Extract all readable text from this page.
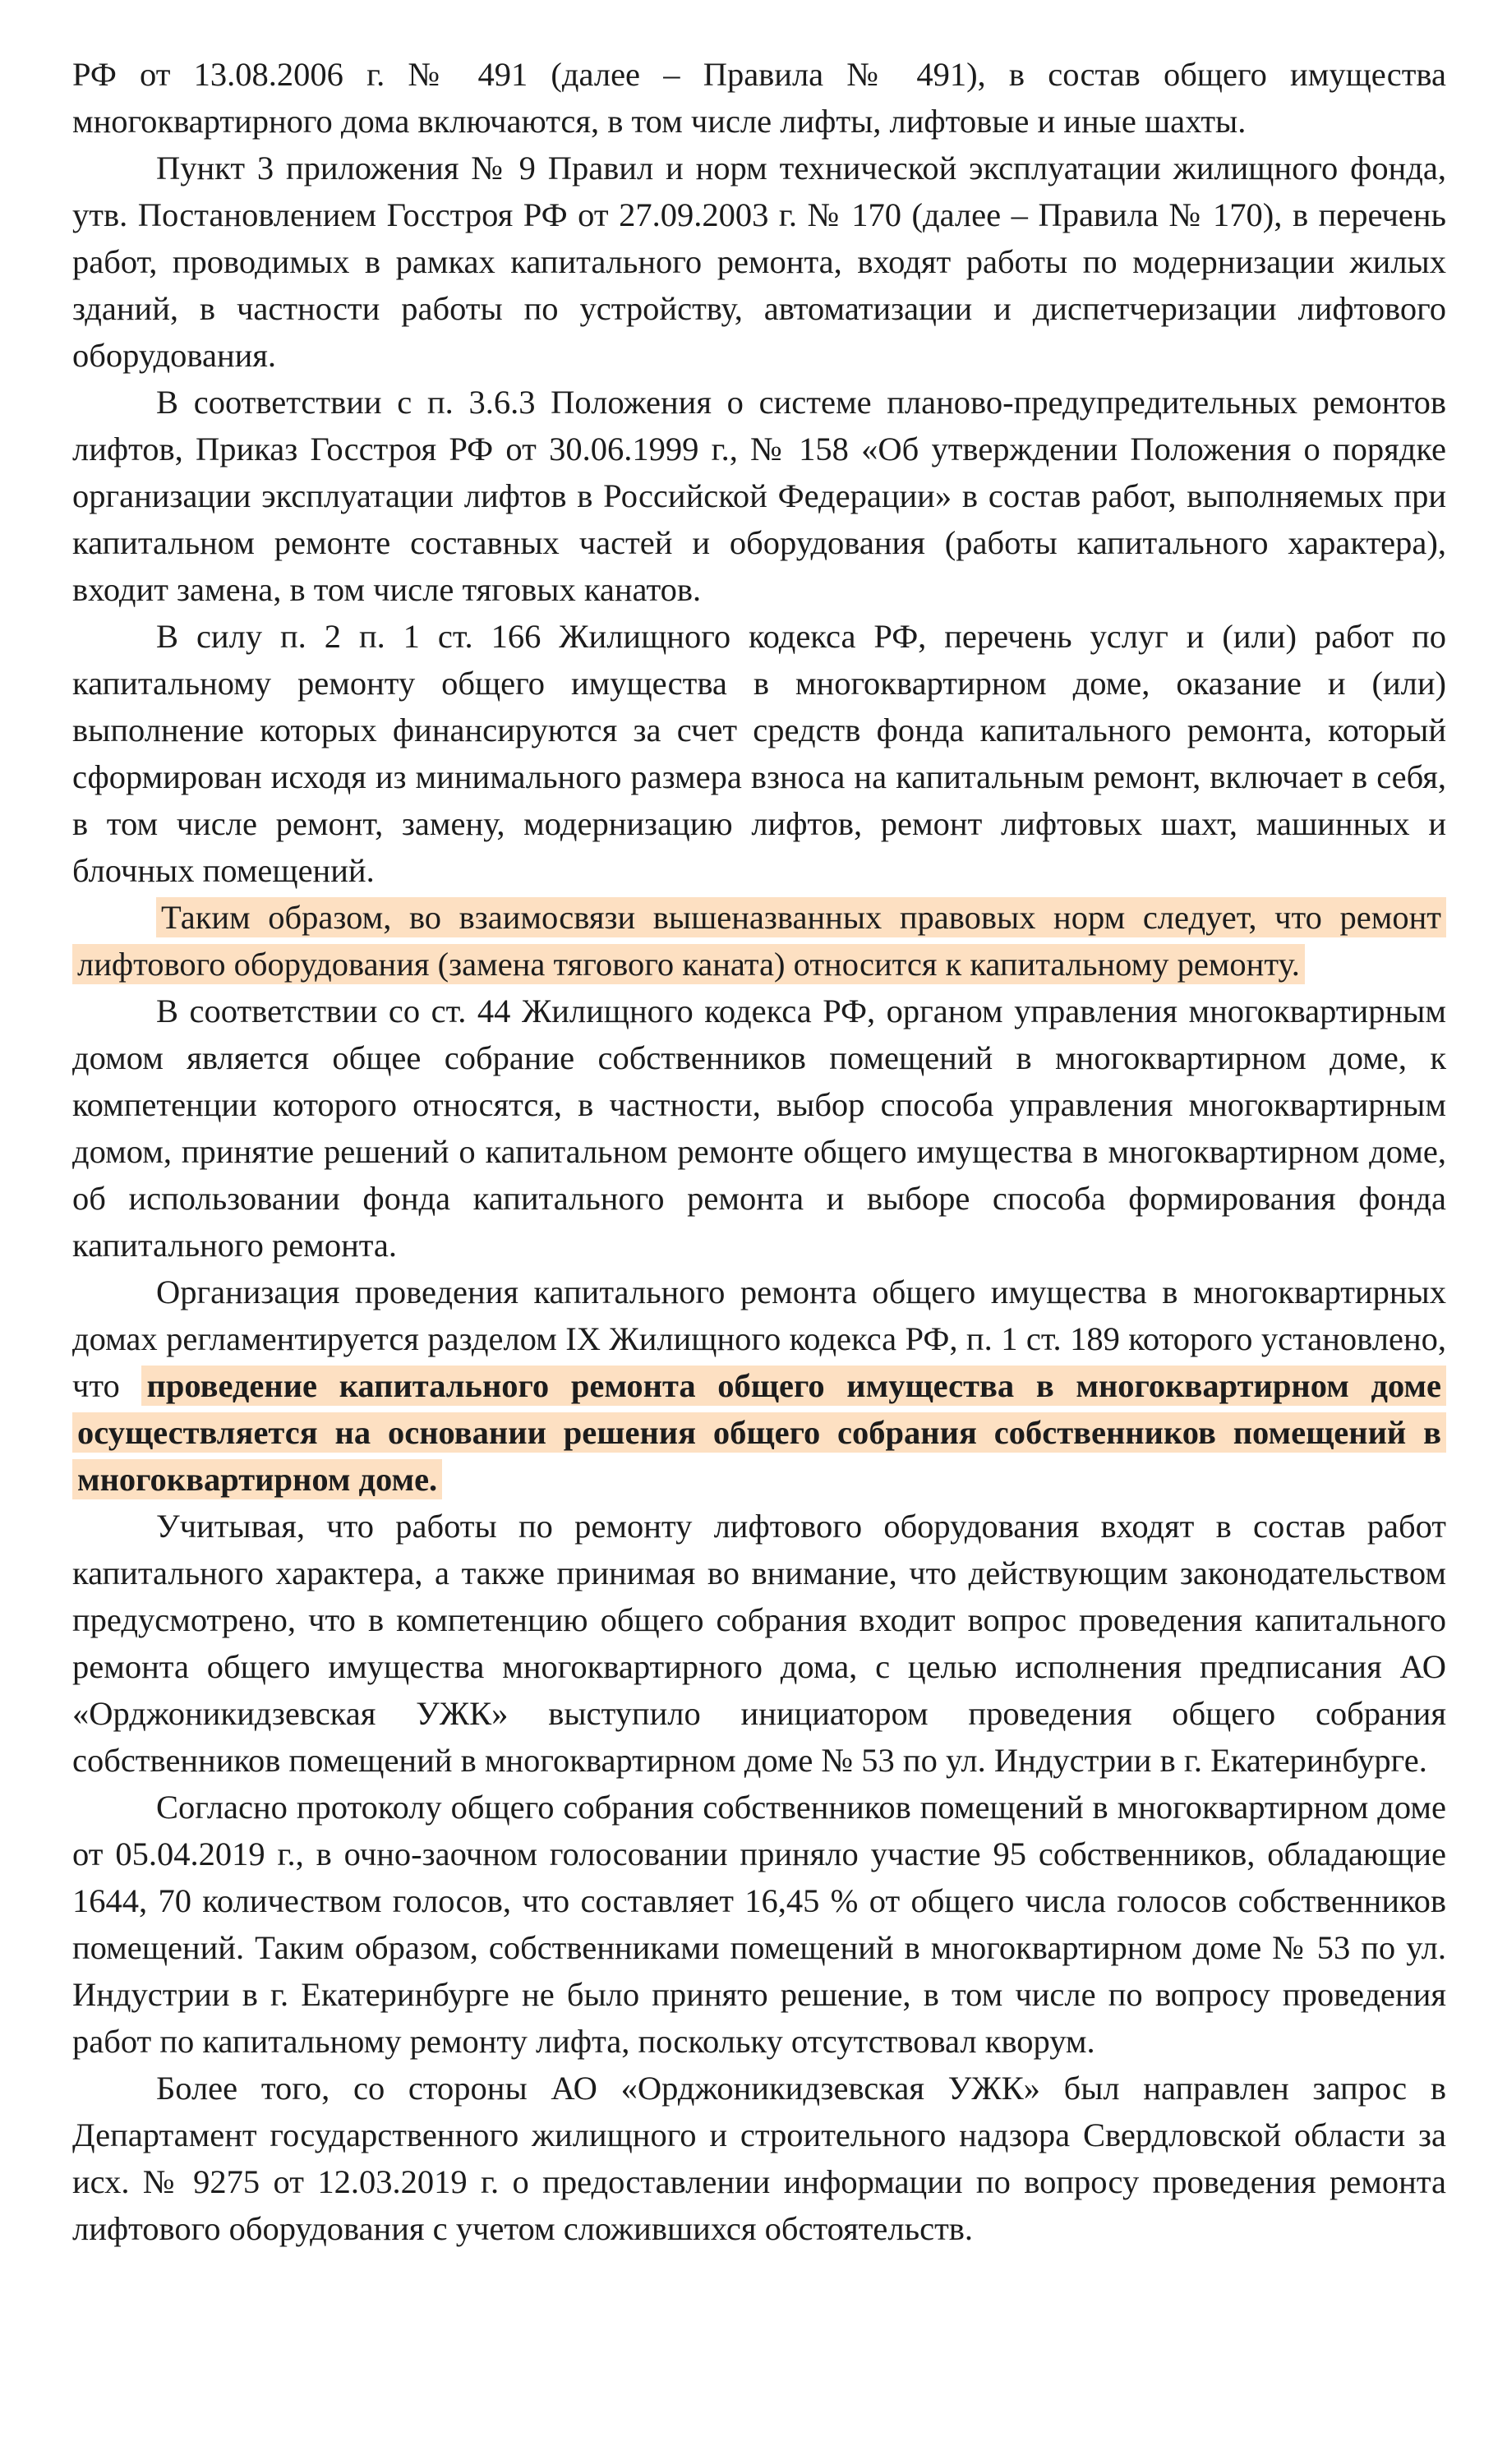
РФ от 13.08.2006 г. № 491 (далее – Правила № 491), в состав общего имущества многоквартирного дома включаются, в том числе лифты, лифтовые и иные шахты.

Пункт 3 приложения № 9 Правил и норм технической эксплуатации жилищного фонда, утв. Постановлением Госстроя РФ от 27.09.2003 г. № 170 (далее – Правила № 170), в перечень работ, проводимых в рамках капитального ремонта, входят работы по модернизации жилых зданий, в частности работы по устройству, автоматизации и диспетчеризации лифтового оборудования.

В соответствии с п. 3.6.3 Положения о системе планово-предупредительных ремонтов лифтов, Приказ Госстроя РФ от 30.06.1999 г., № 158 «Об утверждении Положения о порядке организации эксплуатации лифтов в Российской Федерации» в состав работ, выполняемых при капитальном ремонте составных частей и оборудования (работы капитального характера), входит замена, в том числе тяговых канатов.

В силу п. 2 п. 1 ст. 166 Жилищного кодекса РФ, перечень услуг и (или) работ по капитальному ремонту общего имущества в многоквартирном доме, оказание и (или) выполнение которых финансируются за счет средств фонда капитального ремонта, который сформирован исходя из минимального размера взноса на капитальным ремонт, включает в себя, в том числе ремонт, замену, модернизацию лифтов, ремонт лифтовых шахт, машинных и блочных помещений.

Таким образом, во взаимосвязи вышеназванных правовых норм следует, что ремонт лифтового оборудования (замена тягового каната) относится к капитальному ремонту.

В соответствии со ст. 44 Жилищного кодекса РФ, органом управления многоквартирным домом является общее собрание собственников помещений в многоквартирном доме, к компетенции которого относятся, в частности, выбор способа управления многоквартирным домом, принятие решений о капитальном ремонте общего имущества в многоквартирном доме, об использовании фонда капитального ремонта и выборе способа формирования фонда капитального ремонта.

Организация проведения капитального ремонта общего имущества в многоквартирных домах регламентируется разделом IX Жилищного кодекса РФ, п. 1 ст. 189 которого установлено, что проведение капитального ремонта общего имущества в многоквартирном доме осуществляется на основании решения общего собрания собственников помещений в многоквартирном доме.

Учитывая, что работы по ремонту лифтового оборудования входят в состав работ капитального характера, а также принимая во внимание, что действующим законодательством предусмотрено, что в компетенцию общего собрания входит вопрос проведения капитального ремонта общего имущества многоквартирного дома, с целью исполнения предписания АО «Орджоникидзевская УЖК» выступило инициатором проведения общего собрания собственников помещений в многоквартирном доме № 53 по ул. Индустрии в г. Екатеринбурге.

Согласно протоколу общего собрания собственников помещений в многоквартирном доме от 05.04.2019 г., в очно-заочном голосовании приняло участие 95 собственников, обладающие 1644, 70 количеством голосов, что составляет 16,45 % от общего числа голосов собственников помещений. Таким образом, собственниками помещений в многоквартирном доме № 53 по ул. Индустрии в г. Екатеринбурге не было принято решение, в том числе по вопросу проведения работ по капитальному ремонту лифта, поскольку отсутствовал кворум.

Более того, со стороны АО «Орджоникидзевская УЖК» был направлен запрос в Департамент государственного жилищного и строительного надзора Свердловской области за исх. № 9275 от 12.03.2019 г. о предоставлении информации по вопросу проведения ремонта лифтового оборудования с учетом сложившихся обстоятельств.
